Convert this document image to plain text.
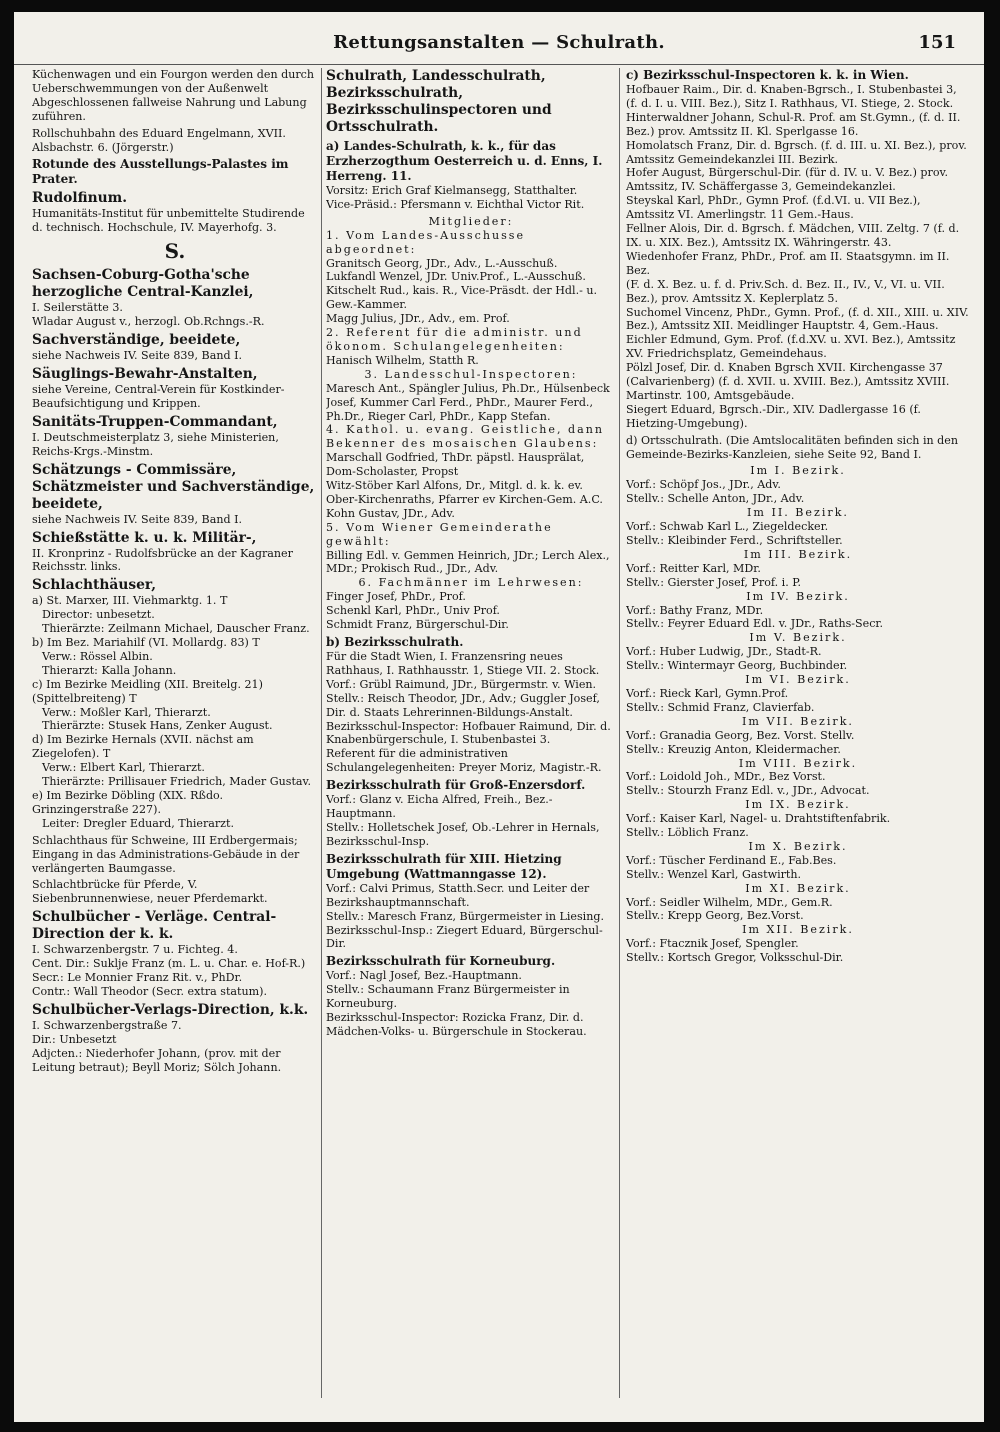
Rettungsanstalten — Schulrath.	151
Küchenwagen und ein Fourgon werden den durch Ueberschwemmungen von der Außenwelt Abgeschlossenen fallweise Nahrung und Labung zuführen.
Rollschuhbahn des Eduard Engelmann, XVII. Alsbachstr. 6. (Jörgerstr.)
Rotunde des Ausstellungs-Palastes im Prater.
Rudolfinum.
Humanitäts-Institut für unbemittelte Studirende d. technisch. Hochschule, IV. Mayerhofg. 3.
S.
Sachsen-Coburg-Gotha'sche herzogliche Central-Kanzlei,
I. Seilerstätte 3.
Wladar August v., herzogl. Ob.Rchngs.-R.
Sachverständige, beeidete,
siehe Nachweis IV. Seite 839, Band I.
Säuglings-Bewahr-Anstalten,
siehe Vereine, Central-Verein für Kostkinder-Beaufsichtigung und Krippen.
Sanitäts-Truppen-Commandant,
I. Deutschmeisterplatz 3, siehe Ministerien, Reichs-Krgs.-Minstm.
Schätzungs - Commissäre, Schätzmeister und Sachverständige, beeidete,
siehe Nachweis IV. Seite 839, Band I.
Schießstätte k. u. k. Militär-,
II. Kronprinz - Rudolfsbrücke an der Kagraner Reichsstr. links.
Schlachthäuser,
a) St. Marxer, III. Viehmarktg. 1. T
Director: unbesetzt.
Thierärzte: Zeilmann Michael, Dauscher Franz.
b) Im Bez. Mariahilf (VI. Mollardg. 83) T
Verw.: Rössel Albin.
Thierarzt: Kalla Johann.
c) Im Bezirke Meidling (XII. Breitelg. 21) (Spittelbreiteng) T
Verw.: Moßler Karl, Thierarzt.
Thierärzte: Stusek Hans, Zenker August.
d) Im Bezirke Hernals (XVII. nächst am Ziegelofen). T
Verw.: Elbert Karl, Thierarzt.
Thierärzte: Prillisauer Friedrich, Mader Gustav.
e) Im Bezirke Döbling (XIX. Rßdo. Grinzingerstraße 227).
Leiter: Dregler Eduard, Thierarzt.
Schlachthaus für Schweine, III Erdbergermais; Eingang in das Administrations-Gebäude in der verlängerten Baumgasse.
Schlachtbrücke für Pferde, V. Siebenbrunnenwiese, neuer Pferdemarkt.
Schulbücher - Verläge. Central-Direction der k. k.
I. Schwarzenbergstr. 7 u. Fichteg. 4.
Cent. Dir.: Suklje Franz (m. L. u. Char. e. Hof-R.)
Secr.: Le Monnier Franz Rit. v., PhDr.
Contr.: Wall Theodor (Secr. extra statum).
Schulbücher-Verlags-Direction, k.k.
I. Schwarzenbergstraße 7.
Dir.: Unbesetzt
Adjcten.: Niederhofer Johann, (prov. mit der Leitung betraut); Beyll Moriz; Sölch Johann.
Schulrath, Landesschulrath, Bezirksschulrath, Bezirksschulinspectoren und Ortsschulrath.
a) Landes-Schulrath, k. k., für das Erzherzogthum Oesterreich u. d. Enns, I. Herreng. 11.
Vorsitz: Erich Graf Kielmansegg, Statthalter.
Vice-Präsid.: Pfersmann v. Eichthal Victor Rit.
Mitglieder:
1. Vom Landes-Ausschusse abgeordnet:
Granitsch Georg, JDr., Adv., L.-Ausschuß.
Lukfandl Wenzel, JDr. Univ.Prof., L.-Ausschuß.
Kitschelt Rud., kais. R., Vice-Präsdt. der Hdl.- u. Gew.-Kammer.
Magg Julius, JDr., Adv., em. Prof.
2. Referent für die administr. und ökonom. Schulangelegenheiten:
Hanisch Wilhelm, Statth R.
3. Landesschul-Inspectoren:
Maresch Ant., Spängler Julius, Ph.Dr., Hülsenbeck Josef, Kummer Carl Ferd., PhDr., Maurer Ferd., Ph.Dr., Rieger Carl, PhDr., Kapp Stefan.
4. Kathol. u. evang. Geistliche, dann Bekenner des mosaischen Glaubens:
Marschall Godfried, ThDr. päpstl. Hausprälat, Dom-Scholaster, Propst
Witz-Stöber Karl Alfons, Dr., Mitgl. d. k. k. ev. Ober-Kirchenraths, Pfarrer ev Kirchen-Gem. A.C.
Kohn Gustav, JDr., Adv.
5. Vom Wiener Gemeinderathe gewählt:
Billing Edl. v. Gemmen Heinrich, JDr.; Lerch Alex., MDr.; Prokisch Rud., JDr., Adv.
6. Fachmänner im Lehrwesen:
Finger Josef, PhDr., Prof.
Schenkl Karl, PhDr., Univ Prof.
Schmidt Franz, Bürgerschul-Dir.
b) Bezirksschulrath.
Für die Stadt Wien, I. Franzensring neues Rathhaus, I. Rathhausstr. 1, Stiege VII. 2. Stock.
Vorf.: Grübl Raimund, JDr., Bürgermstr. v. Wien.
Stellv.: Reisch Theodor, JDr., Adv.; Guggler Josef, Dir. d. Staats Lehrerinnen-Bildungs-Anstalt.
Bezirksschul-Inspector: Hofbauer Raimund, Dir. d. Knabenbürgerschule, I. Stubenbastei 3.
Referent für die administrativen Schulangelegenheiten: Preyer Moriz, Magistr.-R.
Bezirksschulrath für Groß-Enzersdorf.
Vorf.: Glanz v. Eicha Alfred, Freih., Bez.-Hauptmann.
Stellv.: Holletschek Josef, Ob.-Lehrer in Hernals, Bezirksschul-Insp.
Bezirksschulrath für XIII. Hietzing Umgebung (Wattmanngasse 12).
Vorf.: Calvi Primus, Statth.Secr. und Leiter der Bezirkshauptmannschaft.
Stellv.: Maresch Franz, Bürgermeister in Liesing.
Bezirksschul-Insp.: Ziegert Eduard, Bürgerschul-Dir.
Bezirksschulrath für Korneuburg.
Vorf.: Nagl Josef, Bez.-Hauptmann.
Stellv.: Schaumann Franz Bürgermeister in Korneuburg.
Bezirksschul-Inspector: Rozicka Franz, Dir. d. Mädchen-Volks- u. Bürgerschule in Stockerau.
c) Bezirksschul-Inspectoren k. k. in Wien.
Hofbauer Raim., Dir. d. Knaben-Bgrsch., I. Stubenbastei 3, (f. d. I. u. VIII. Bez.), Sitz I. Rathhaus, VI. Stiege, 2. Stock.
Hinterwaldner Johann, Schul-R. Prof. am St.Gymn., (f. d. II. Bez.) prov. Amtssitz II. Kl. Sperlgasse 16.
Homolatsch Franz, Dir. d. Bgrsch. (f. d. III. u. XI. Bez.), prov. Amtssitz Gemeindekanzlei III. Bezirk.
Hofer August, Bürgerschul-Dir. (für d. IV. u. V. Bez.) prov. Amtssitz, IV. Schäffergasse 3, Gemeindekanzlei.
Steyskal Karl, PhDr., Gymn Prof. (f.d.VI. u. VII Bez.), Amtssitz VI. Amerlingstr. 11 Gem.-Haus.
Fellner Alois, Dir. d. Bgrsch. f. Mädchen, VIII. Zeltg. 7 (f. d. IX. u. XIX. Bez.), Amtssitz IX. Währingerstr. 43.
Wiedenhofer Franz, PhDr., Prof. am II. Staatsgymn. im II. Bez.
(F. d. X. Bez. u. f. d. Priv.Sch. d. Bez. II., IV., V., VI. u. VII. Bez.), prov. Amtssitz X. Keplerplatz 5.
Suchomel Vincenz, PhDr., Gymn. Prof., (f. d. XII., XIII. u. XIV. Bez.), Amtssitz XII. Meidlinger Hauptstr. 4, Gem.-Haus.
Eichler Edmund, Gym. Prof. (f.d.XV. u. XVI. Bez.), Amtssitz XV. Friedrichsplatz, Gemeindehaus.
Pölzl Josef, Dir. d. Knaben Bgrsch XVII. Kirchengasse 37 (Calvarienberg) (f. d. XVII. u. XVIII. Bez.), Amtssitz XVIII. Martinstr. 100, Amtsgebäude.
Siegert Eduard, Bgrsch.-Dir., XIV. Dadlergasse 16 (f. Hietzing-Umgebung).
d) Ortsschulrath. (Die Amtslocalitäten befinden sich in den Gemeinde-Bezirks-Kanzleien, siehe Seite 92, Band I.
Im I. Bezirk.
Vorf.: Schöpf Jos., JDr., Adv.
Stellv.: Schelle Anton, JDr., Adv.
Im II. Bezirk.
Vorf.: Schwab Karl L., Ziegeldecker.
Stellv.: Kleibinder Ferd., Schriftsteller.
Im III. Bezirk.
Vorf.: Reitter Karl, MDr.
Stellv.: Gierster Josef, Prof. i. P.
Im IV. Bezirk.
Vorf.: Bathy Franz, MDr.
Stellv.: Feyrer Eduard Edl. v. JDr., Raths-Secr.
Im V. Bezirk.
Vorf.: Huber Ludwig, JDr., Stadt-R.
Stellv.: Wintermayr Georg, Buchbinder.
Im VI. Bezirk.
Vorf.: Rieck Karl, Gymn.Prof.
Stellv.: Schmid Franz, Clavierfab.
Im VII. Bezirk.
Vorf.: Granadia Georg, Bez. Vorst. Stellv.
Stellv.: Kreuzig Anton, Kleidermacher.
Im VIII. Bezirk.
Vorf.: Loidold Joh., MDr., Bez Vorst.
Stellv.: Stourzh Franz Edl. v., JDr., Advocat.
Im IX. Bezirk.
Vorf.: Kaiser Karl, Nagel- u. Drahtstiftenfabrik.
Stellv.: Löblich Franz.
Im X. Bezirk.
Vorf.: Tüscher Ferdinand E., Fab.Bes.
Stellv.: Wenzel Karl, Gastwirth.
Im XI. Bezirk.
Vorf.: Seidler Wilhelm, MDr., Gem.R.
Stellv.: Krepp Georg, Bez.Vorst.
Im XII. Bezirk.
Vorf.: Ftacznik Josef, Spengler.
Stellv.: Kortsch Gregor, Volksschul-Dir.
